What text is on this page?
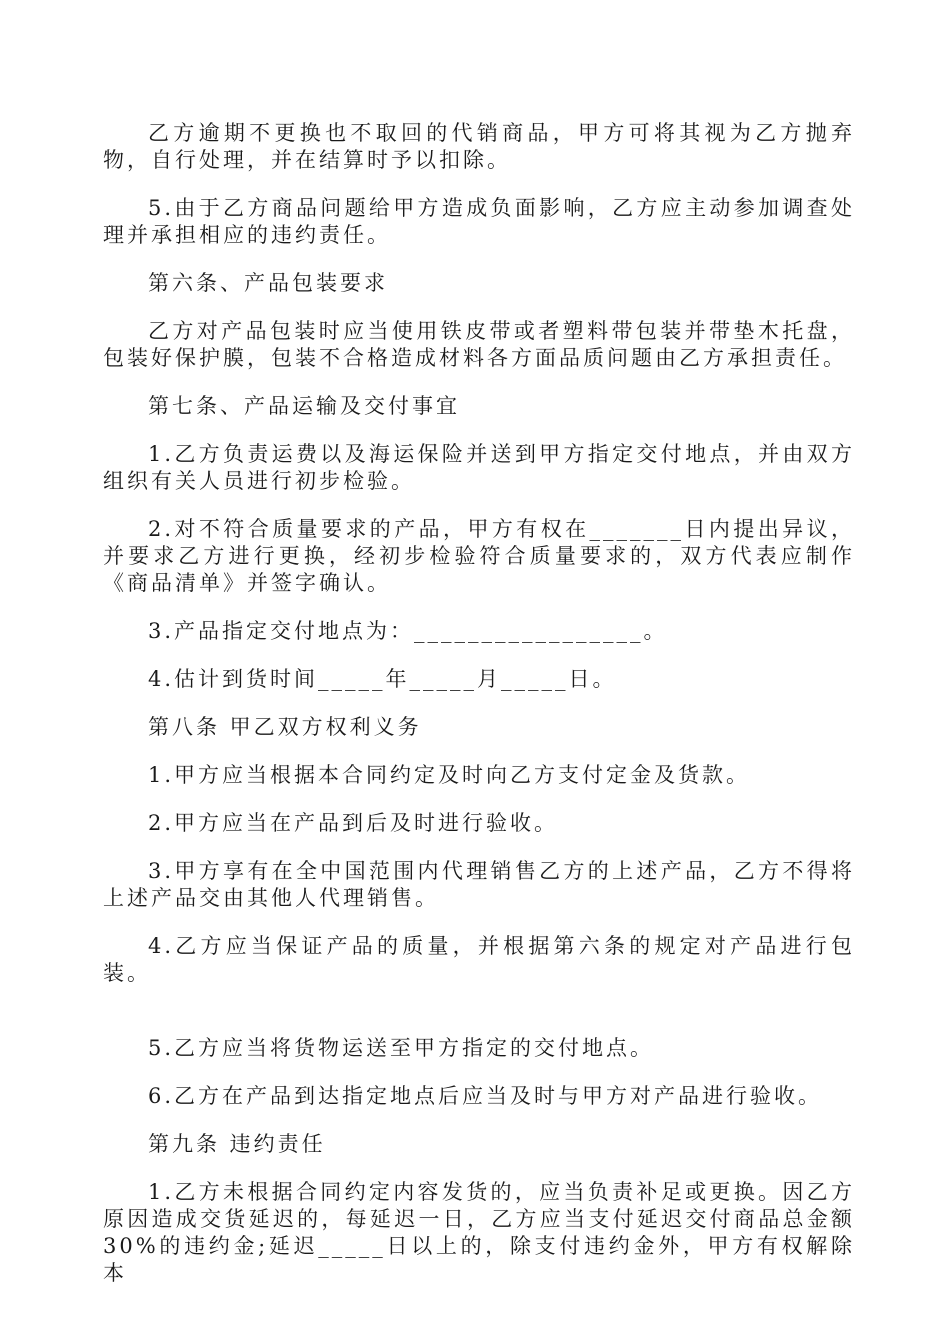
乙方逾期不更换也不取回的代销商品，甲方可将其视为乙方抛弃物，自行处理，并在结算时予以扣除。

5.由于乙方商品问题给甲方造成负面影响，乙方应主动参加调查处理并承担相应的违约责任。

第六条、产品包装要求

乙方对产品包装时应当使用铁皮带或者塑料带包装并带垫木托盘，包装好保护膜，包装不合格造成材料各方面品质问题由乙方承担责任。

第七条、产品运输及交付事宜

1.乙方负责运费以及海运保险并送到甲方指定交付地点，并由双方组织有关人员进行初步检验。

2.对不符合质量要求的产品，甲方有权在_______日内提出异议，并要求乙方进行更换，经初步检验符合质量要求的，双方代表应制作《商品清单》并签字确认。

3.产品指定交付地点为：_________________。

4.估计到货时间_____年_____月_____日。

第八条 甲乙双方权利义务

1.甲方应当根据本合同约定及时向乙方支付定金及货款。

2.甲方应当在产品到后及时进行验收。

3.甲方享有在全中国范围内代理销售乙方的上述产品，乙方不得将上述产品交由其他人代理销售。

4.乙方应当保证产品的质量，并根据第六条的规定对产品进行包装。

5.乙方应当将货物运送至甲方指定的交付地点。

6.乙方在产品到达指定地点后应当及时与甲方对产品进行验收。

第九条 违约责任

1.乙方未根据合同约定内容发货的，应当负责补足或更换。因乙方原因造成交货延迟的，每延迟一日，乙方应当支付延迟交付商品总金额30%的违约金;延迟_____日以上的，除支付违约金外，甲方有权解除本
